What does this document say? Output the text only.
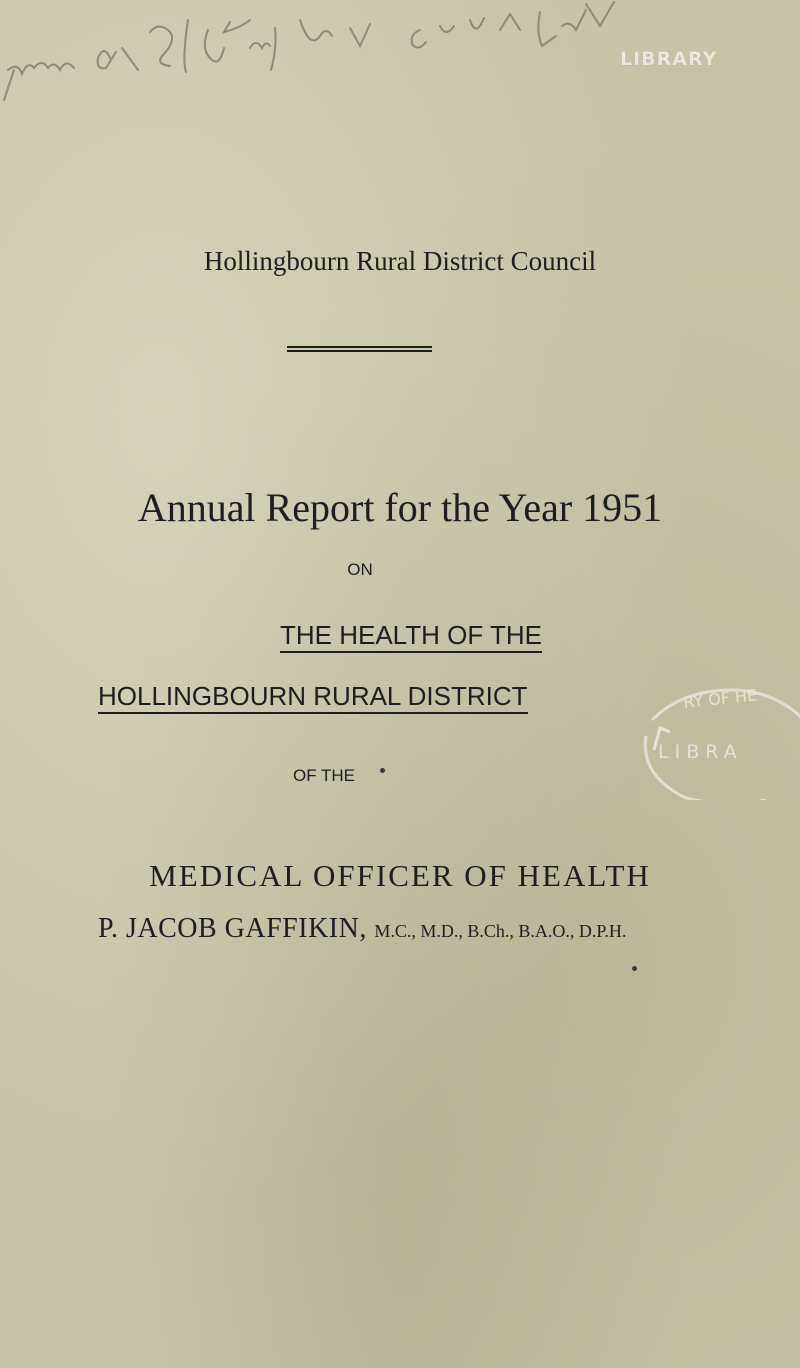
LIBRARY
Hollingbourn Rural District Council
Annual Report for the Year 1951
ON
THE HEALTH OF THE
HOLLINGBOURN RURAL DISTRICT
OF THE
MEDICAL OFFICER OF HEALTH
P. JACOB GAFFIKIN, M.C., M.D., B.Ch., B.A.O., D.P.H.
RY OF HE
LIBRA
